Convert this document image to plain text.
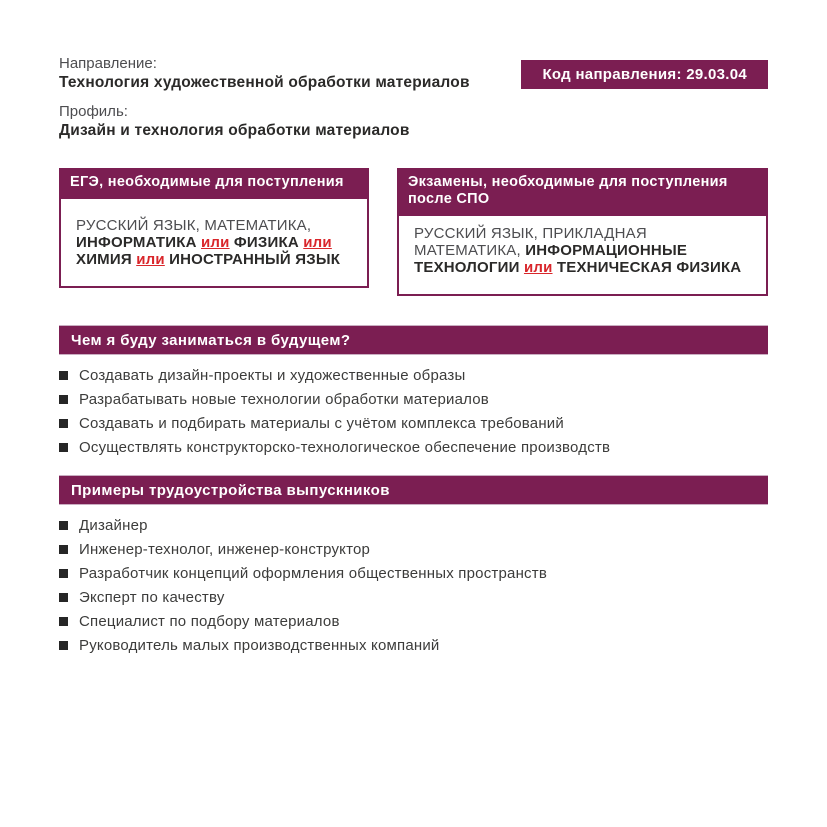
Направление:
Технология художественной обработки материалов
Профиль:
Дизайн и технология обработки материалов
Код направления: 29.03.04
ЕГЭ, необходимые для поступления

РУССКИЙ ЯЗЫК, МАТЕМАТИКА, ИНФОРМАТИКА или ФИЗИКА или ХИМИЯ или ИНОСТРАННЫЙ ЯЗЫК

Экзамены, необходимые для поступления после СПО

РУССКИЙ ЯЗЫК, ПРИКЛАДНАЯ МАТЕМАТИКА, ИНФОРМАЦИОННЫЕ ТЕХНОЛОГИИ или ТЕХНИЧЕСКАЯ ФИЗИКА

Чем я буду заниматься в будущем?
Создавать дизайн-проекты и художественные образы
Разрабатывать новые технологии обработки материалов
Создавать и подбирать материалы с учётом комплекса требований
Осуществлять конструкторско-технологическое обеспечение производств
Примеры трудоустройства выпускников
Дизайнер
Инженер-технолог, инженер-конструктор
Разработчик концепций оформления общественных пространств
Эксперт по качеству
Специалист по подбору материалов
Руководитель малых производственных компаний
